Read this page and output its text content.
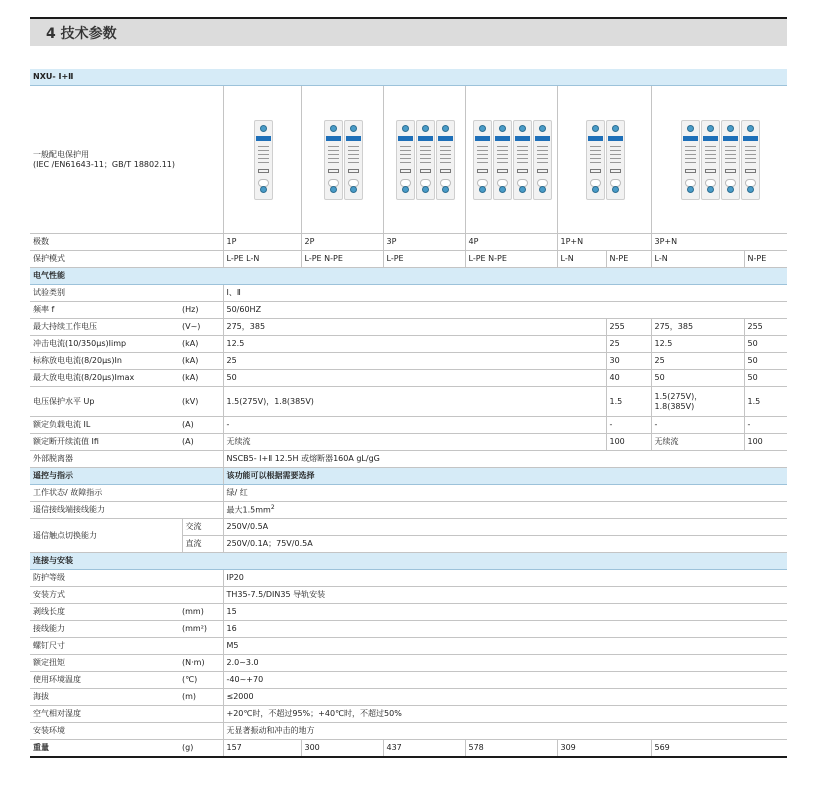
4 技术参数
NXU- Ⅰ+Ⅱ									

一般配电保护用
(IEC /EN61643-11；GB/T 18802.11)									

极数		1P	2P	3P	4P	1P+N		3P+N	
保护模式		L-PE L-N	L-PE N-PE	L-PE	L-PE N-PE	L-N	N-PE	L-N	N-PE
电气性能									
试验类别		Ⅰ、Ⅱ							
频率 f	(Hz)	50/60HZ							
最大持续工作电压	(V~)	275，385					255	275，385	255
冲击电流(10/350μs)Iimp	(kA)	12.5					25	12.5	50
标称放电电流(8/20μs)In	(kA)	25					30	25	50
最大放电电流(8/20μs)Imax	(kA)	50					40	50	50
电压保护水平 Up	(kV)	1.5(275V)，1.8(385V)					1.5	1.5(275V)，
1.8(385V)	1.5
额定负载电流 IL	(A)	-					-	-	-
额定断开续流值 Ifi	(A)	无续流					100	无续流	100
外部脱离器		NSCB5- Ⅰ+Ⅱ 12.5H 或熔断器160A gL/gG							
遥控与指示		该功能可以根据需要选择							
工作状态/ 故障指示		绿/ 红							
遥信接线端接线能力		最大$1.5mm^2$
遥信触点切换能力	交流	250V/0.5A							
	直流	250V/0.1A；75V/0.5A							
连接与安装									
防护等级		IP20							
安装方式		TH35-7.5/DIN35 导轨安装							
剥线长度	(mm)	15							
接线能力	(mm²)	16							
螺钉尺寸		M5							
额定扭矩	(N·m)	2.0~3.0							
使用环境温度	(℃)	-40~+70							
海拔	(m)	≤2000							
空气相对湿度		+20℃时，不超过95%；+40℃时，不超过50%							
安装环境		无显著振动和冲击的地方							
重量	(g)	157	300	437	578	309		569	
